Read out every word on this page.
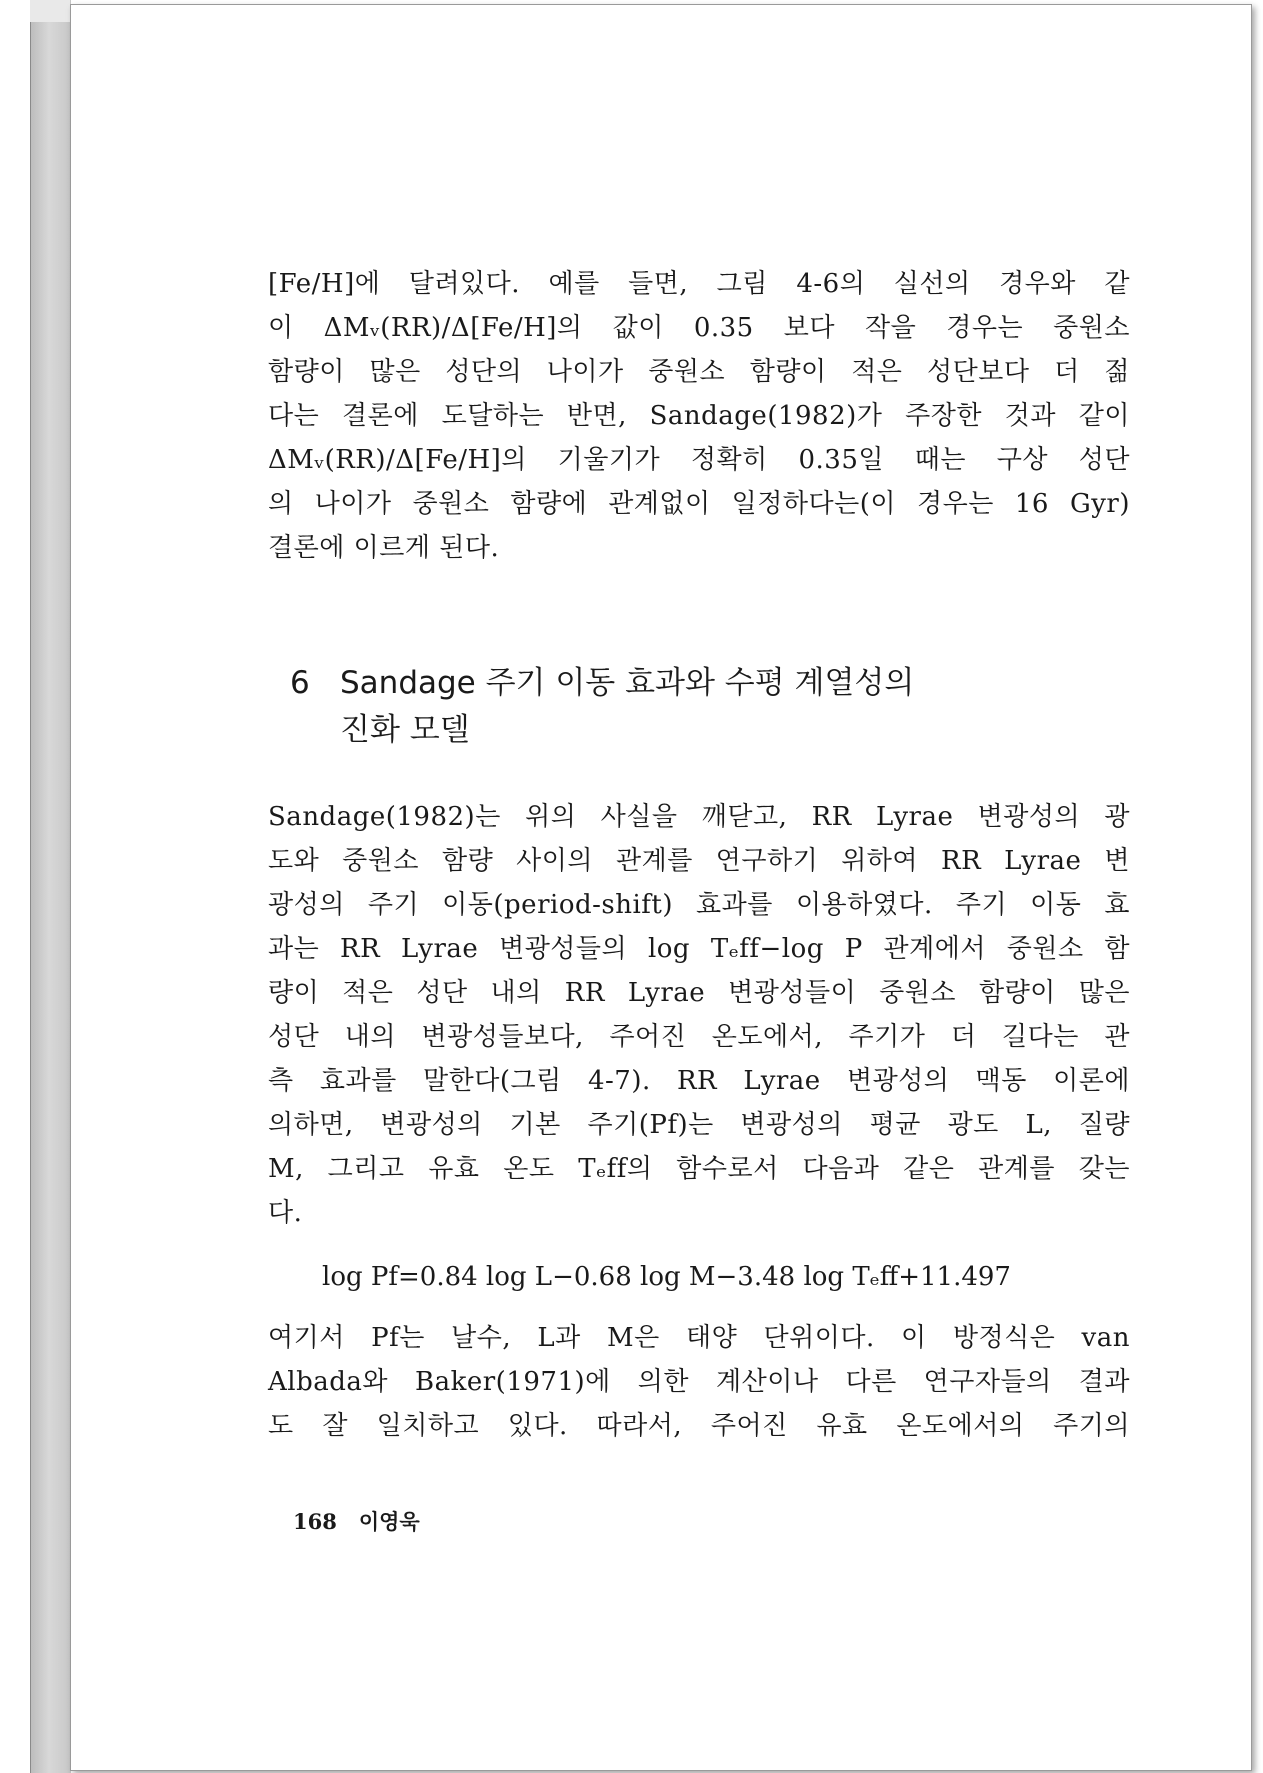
[Fe/H]에 달려있다. 예를 들면, 그림 4-6의 실선의 경우와 같
이 ΔMᵥ(RR)/Δ[Fe/H]의 값이 0.35 보다 작을 경우는 중원소
함량이 많은 성단의 나이가 중원소 함량이 적은 성단보다 더 젊
다는 결론에 도달하는 반면, Sandage(1982)가 주장한 것과 같이
ΔMᵥ(RR)/Δ[Fe/H]의 기울기가 정확히 0.35일 때는 구상 성단
의 나이가 중원소 함량에 관계없이 일정하다는(이 경우는 16 Gyr)
결론에 이르게 된다.

6 Sandage 주기 이동 효과와 수평 계열성의
진화 모델

Sandage(1982)는 위의 사실을 깨닫고, RR Lyrae 변광성의 광
도와 중원소 함량 사이의 관계를 연구하기 위하여 RR Lyrae 변
광성의 주기 이동(period-shift) 효과를 이용하였다. 주기 이동 효
과는 RR Lyrae 변광성들의 log Tₑff−log P 관계에서 중원소 함
량이 적은 성단 내의 RR Lyrae 변광성들이 중원소 함량이 많은
성단 내의 변광성들보다, 주어진 온도에서, 주기가 더 길다는 관
측 효과를 말한다(그림 4-7). RR Lyrae 변광성의 맥동 이론에
의하면, 변광성의 기본 주기(Pf)는 변광성의 평균 광도 L, 질량
M, 그리고 유효 온도 Tₑff의 함수로서 다음과 같은 관계를 갖는
다.

log Pf=0.84 log L−0.68 log M−3.48 log Tₑff+11.497

여기서 Pf는 날수, L과 M은 태양 단위이다. 이 방정식은 van
Albada와 Baker(1971)에 의한 계산이나 다른 연구자들의 결과
도 잘 일치하고 있다. 따라서, 주어진 유효 온도에서의 주기의

168 이영욱
